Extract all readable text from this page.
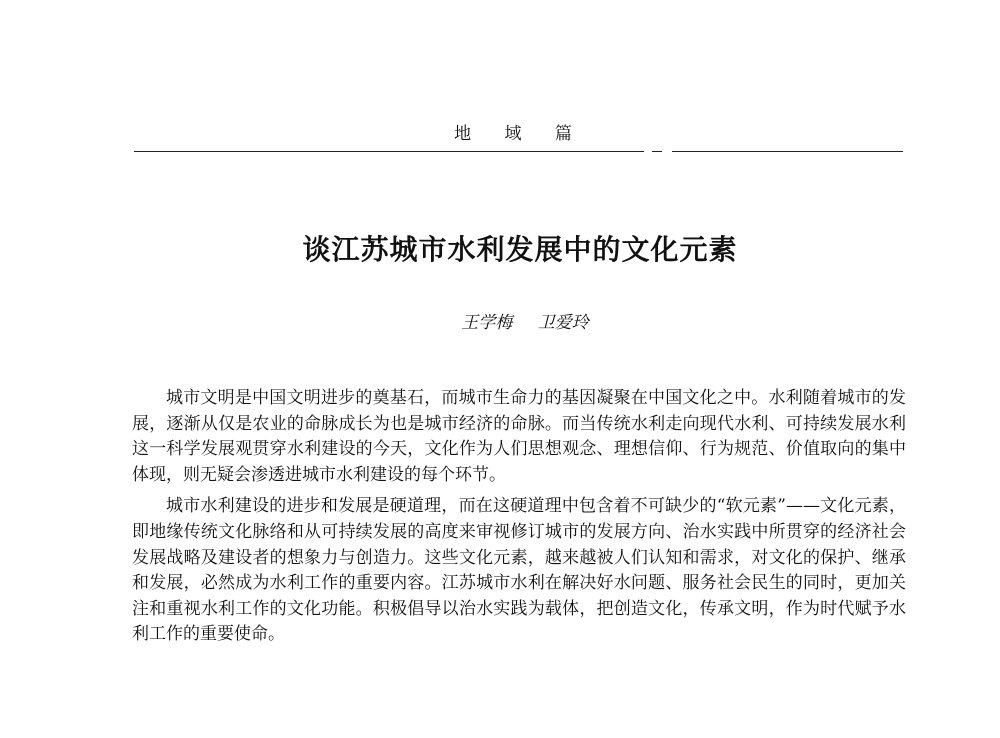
地 域 篇
谈江苏城市水利发展中的文化元素
王学梅 卫爱玲

城市文明是中国文明进步的奠基石，而城市生命力的基因凝聚在中国文化之中。水利随着城市的发展，逐渐从仅是农业的命脉成长为也是城市经济的命脉。而当传统水利走向现代水利、可持续发展水利这一科学发展观贯穿水利建设的今天，文化作为人们思想观念、理想信仰、行为规范、价值取向的集中体现，则无疑会渗透进城市水利建设的每个环节。

城市水利建设的进步和发展是硬道理，而在这硬道理中包含着不可缺少的“软元素”——文化元素，即地缘传统文化脉络和从可持续发展的高度来审视修订城市的发展方向、治水实践中所贯穿的经济社会发展战略及建设者的想象力与创造力。这些文化元素，越来越被人们认知和需求，对文化的保护、继承和发展，必然成为水利工作的重要内容。江苏城市水利在解决好水问题、服务社会民生的同时，更加关注和重视水利工作的文化功能。积极倡导以治水实践为载体，把创造文化，传承文明，作为时代赋予水利工作的重要使命。
